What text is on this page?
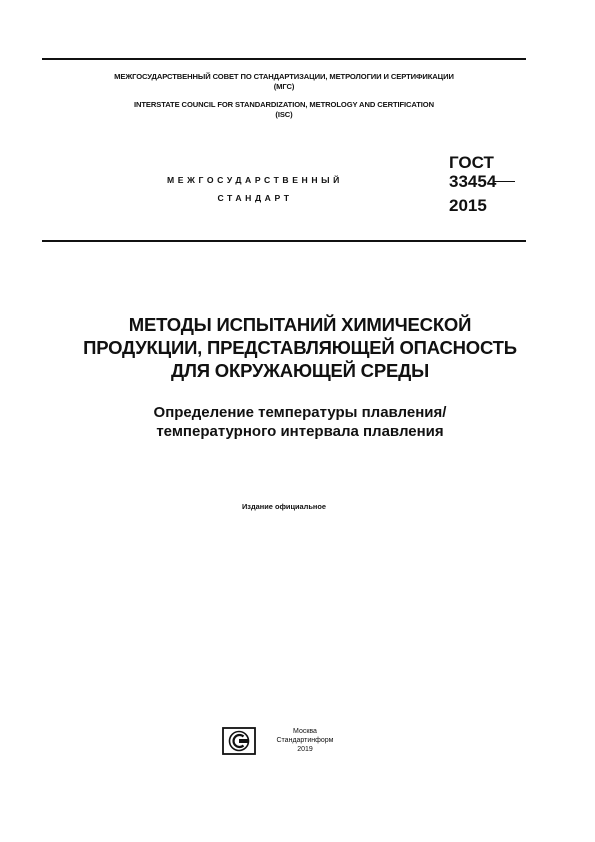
МЕЖГОСУДАРСТВЕННЫЙ СОВЕТ ПО СТАНДАРТИЗАЦИИ, МЕТРОЛОГИИ И СЕРТИФИКАЦИИ
(МГС)
INTERSTATE COUNCIL FOR STANDARDIZATION, METROLOGY AND CERTIFICATION
(ISC)
МЕЖГОСУДАРСТВЕННЫЙ
СТАНДАРТ
ГОСТ
33454
2015
МЕТОДЫ ИСПЫТАНИЙ ХИМИЧЕСКОЙ
ПРОДУКЦИИ, ПРЕДСТАВЛЯЮЩЕЙ ОПАСНОСТЬ
ДЛЯ ОКРУЖАЮЩЕЙ СРЕДЫ
Определение температуры плавления/
температурного интервала плавления
Издание официальное
Москва
Стандартинформ
2019
